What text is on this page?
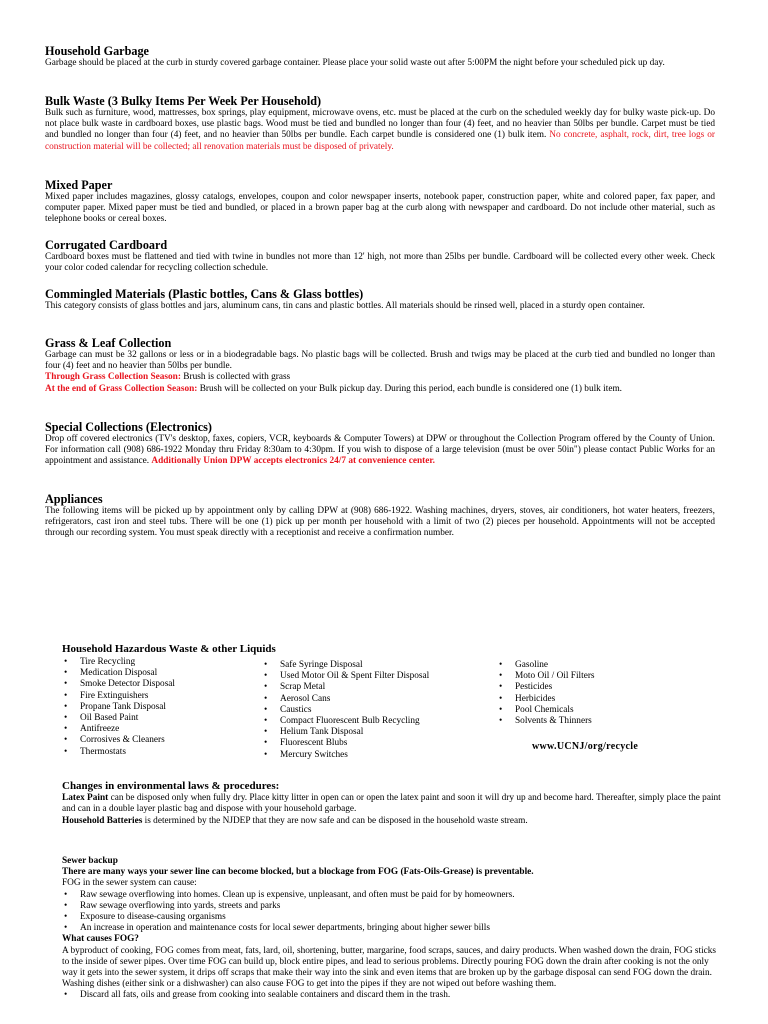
Household Garbage

Garbage should be placed at the curb in sturdy covered garbage container. Please place your solid waste out after 5:00PM the night before your scheduled pick up day.

Bulk Waste (3 Bulky Items Per Week Per Household)

Bulk such as furniture, wood, mattresses, box springs, play equipment, microwave ovens, etc. must be placed at the curb on the scheduled weekly day for bulky waste pick-up. Do not place bulk waste in cardboard boxes, use plastic bags. Wood must be tied and bundled no longer than four (4) feet, and no heavier than 50lbs per bundle. Carpet must be tied and bundled no longer than four (4) feet, and no heavier than 50lbs per bundle. Each carpet bundle is considered one (1) bulk item. No concrete, asphalt, rock, dirt, tree logs or construction material will be collected; all renovation materials must be disposed of privately.

Mixed Paper

Mixed paper includes magazines, glossy catalogs, envelopes, coupon and color newspaper inserts, notebook paper, construction paper, white and colored paper, fax paper, and computer paper. Mixed paper must be tied and bundled, or placed in a brown paper bag at the curb along with newspaper and cardboard. Do not include other material, such as telephone books or cereal boxes.

Corrugated Cardboard

Cardboard boxes must be flattened and tied with twine in bundles not more than 12' high, not more than 25lbs per bundle. Cardboard will be collected every other week. Check your color coded calendar for recycling collection schedule.

Commingled Materials (Plastic bottles, Cans & Glass bottles)

This category consists of glass bottles and jars, aluminum cans, tin cans and plastic bottles. All materials should be rinsed well, placed in a sturdy open container.

Grass & Leaf Collection

Garbage can must be 32 gallons or less or in a biodegradable bags. No plastic bags will be collected. Brush and twigs may be placed at the curb tied and bundled no longer than four (4) feet and no heavier than 50lbs per bundle.

Through Grass Collection Season: Brush is collected with grass

At the end of Grass Collection Season: Brush will be collected on your Bulk pickup day. During this period, each bundle is considered one (1) bulk item.

Special Collections (Electronics)

Drop off covered electronics (TV's desktop, faxes, copiers, VCR, keyboards & Computer Towers) at DPW or throughout the Collection Program offered by the County of Union. For information call (908) 686-1922 Monday thru Friday 8:30am to 4:30pm. If you wish to dispose of a large television (must be over 50in") please contact Public Works for an appointment and assistance. Additionally Union DPW accepts electronics 24/7 at convenience center.

Appliances

The following items will be picked up by appointment only by calling DPW at (908) 686-1922. Washing machines, dryers, stoves, air conditioners, hot water heaters, freezers, refrigerators, cast iron and steel tubs. There will be one (1) pick up per month per household with a limit of two (2) pieces per household. Appointments will not be accepted through our recording system. You must speak directly with a receptionist and receive a confirmation number.

Household Hazardous Waste & other Liquids
• Tire Recycling
• Medication Disposal
• Smoke Detector Disposal
• Fire Extinguishers
• Propane Tank Disposal
• Oil Based Paint
• Antifreeze
• Corrosives & Cleaners
• Thermostats
• Safe Syringe Disposal
• Used Motor Oil & Spent Filter Disposal
• Scrap Metal
• Aerosol Cans
• Caustics
• Compact Fluorescent Bulb Recycling
• Helium Tank Disposal
• Fluorescent Blubs
• Mercury Switches
• Gasoline
• Moto Oil / Oil Filters
• Pesticides
• Herbicides
• Pool Chemicals
• Solvents & Thinners
www.UCNJ/org/recycle
Changes in environmental laws & procedures:

Latex Paint can be disposed only when fully dry. Place kitty litter in open can or open the latex paint and soon it will dry up and become hard. Thereafter, simply place the paint and can in a double layer plastic bag and dispose with your household garbage.

Household Batteries is determined by the NJDEP that they are now safe and can be disposed in the household waste stream.

Sewer backup
There are many ways your sewer line can become blocked, but a blockage from FOG (Fats-Oils-Grease) is preventable.

FOG in the sewer system can cause:

• Raw sewage overflowing into homes. Clean up is expensive, unpleasant, and often must be paid for by homeowners.
• Raw sewage overflowing into yards, streets and parks
• Exposure to disease-causing organisms
• An increase in operation and maintenance costs for local sewer departments, bringing about higher sewer bills
What causes FOG?

A byproduct of cooking, FOG comes from meat, fats, lard, oil, shortening, butter, margarine, food scraps, sauces, and dairy products. When washed down the drain, FOG sticks to the inside of sewer pipes. Over time FOG can build up, block entire pipes, and lead to serious problems. Directly pouring FOG down the drain after cooking is not the only way it gets into the sewer system, it drips off scraps that make their way into the sink and even items that are broken up by the garbage disposal can send FOG down the drain. Washing dishes (either sink or a dishwasher) can also cause FOG to get into the pipes if they are not wiped out before washing them.

• Discard all fats, oils and grease from cooking into sealable containers and discard them in the trash.
